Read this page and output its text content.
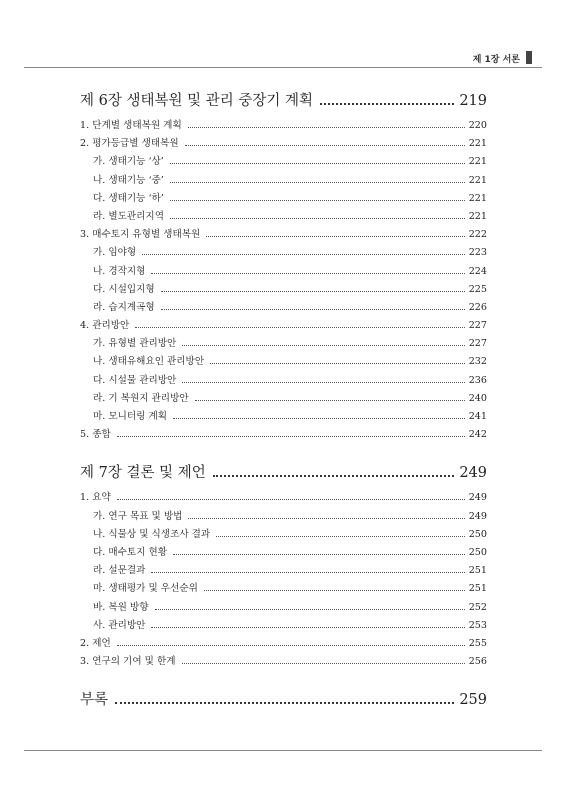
제 1장 서론
제 6장 생태복원 및 관리 중장기 계획	219
1. 단계별 생태복원 계획	220
2. 평가등급별 생태복원	221
가. 생태기능 ‘상’	221
나. 생태기능 ‘중’	221
다. 생태기능 ‘하’	221
라. 별도관리지역	221
3. 매수토지 유형별 생태복원	222
가. 임야형	223
나. 경작지형	224
다. 시설입지형	225
라. 습지계곡형	226
4. 관리방안	227
가. 유형별 관리방안	227
나. 생태유해요인 관리방안	232
다. 시설물 관리방안	236
라. 기 복원지 관리방안	240
마. 모니터링 계획	241
5. 종합	242
제 7장 결론 및 제언	249
1. 요약	249
가. 연구 목표 및 방법	249
나. 식물상 및 식생조사 결과	250
다. 매수토지 현황	250
라. 설문결과	251
마. 생태평가 및 우선순위	251
바. 복원 방향	252
사. 관리방안	253
2. 제언	255
3. 연구의 기여 및 한계	256
부록	259
